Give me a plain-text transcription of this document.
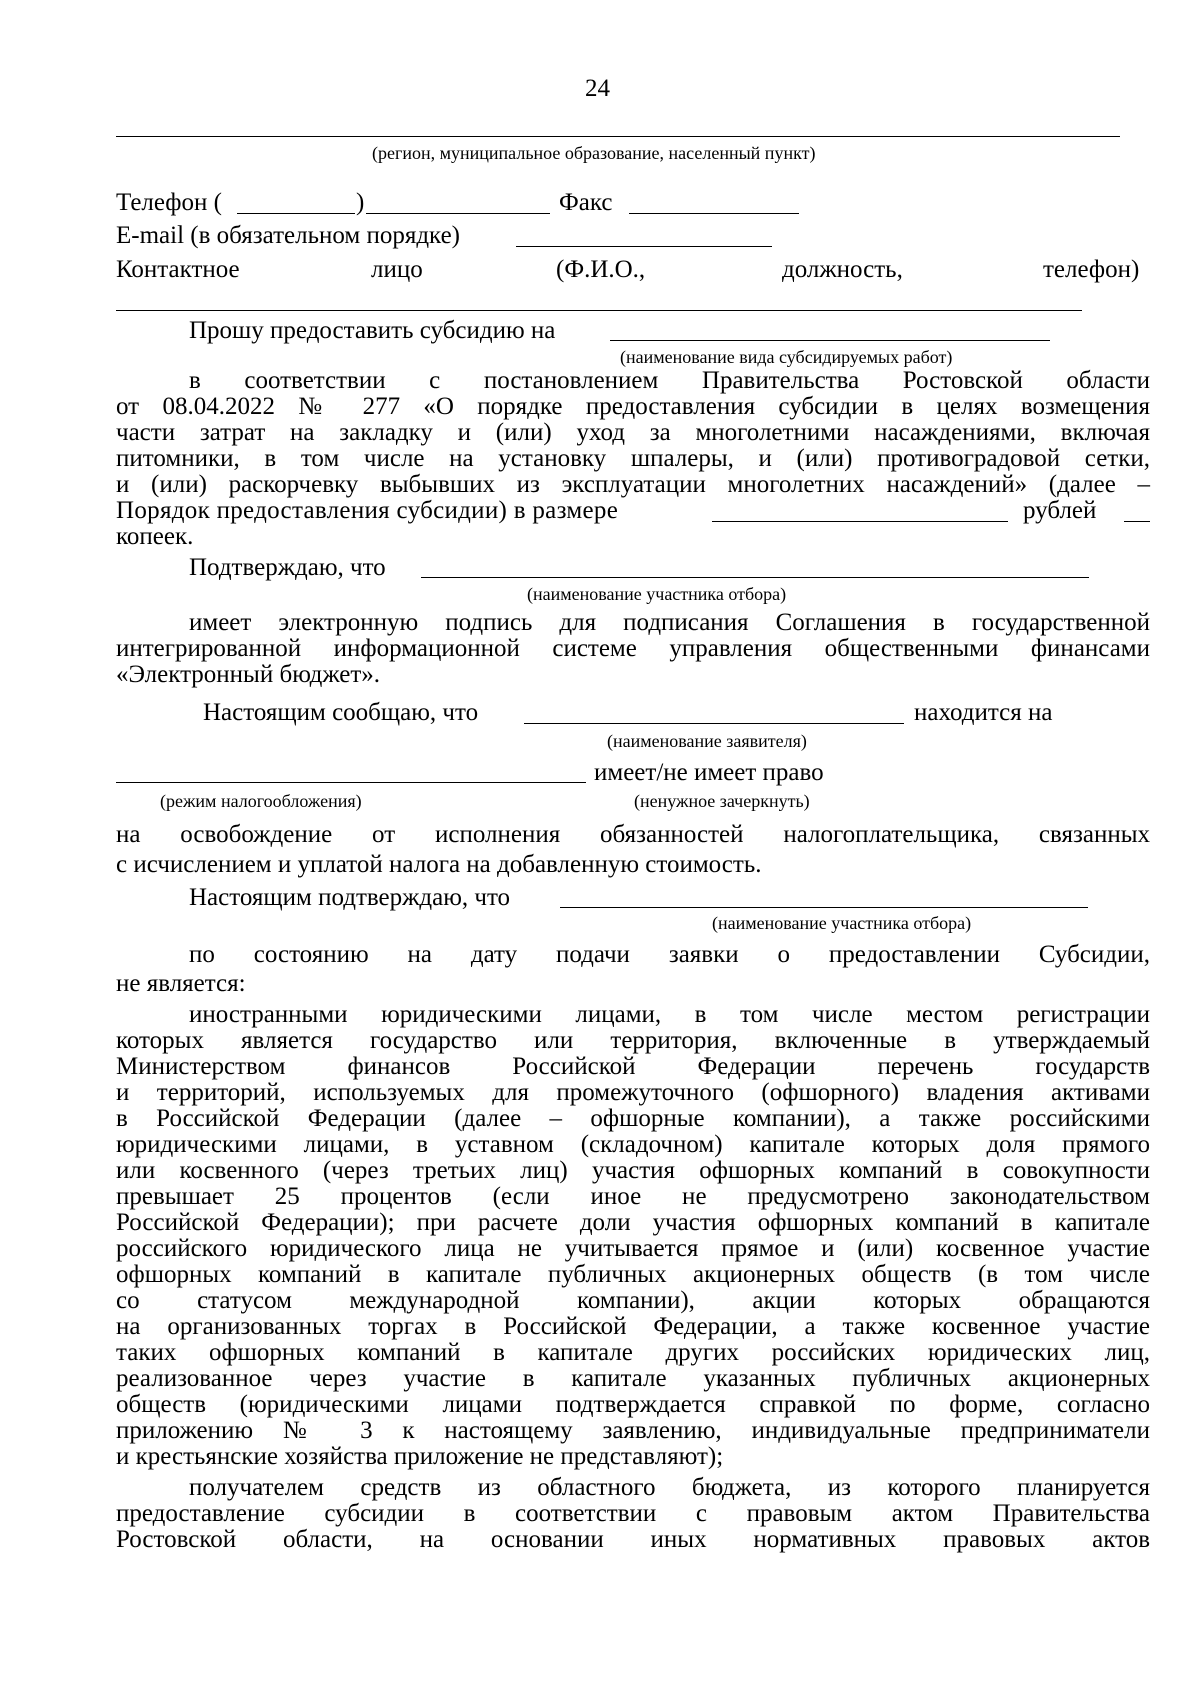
24
(регион, муниципальное образование, населенный пункт)
Телефон (	)	Факс
E-mail (в обязательном порядке)
Контактное	лицо	(Ф.И.О.,	должность,	телефон)
Прошу предоставить субсидию на
(наименование вида субсидируемых работ)
в соответствии с постановлением Правительства Ростовской области
от 08.04.2022 № 277 «О порядке предоставления субсидии в целях возмещения
части затрат на закладку и (или) уход за многолетними насаждениями, включая
питомники, в том числе на установку шпалеры, и (или) противоградовой сетки,
и (или) раскорчевку выбывших из эксплуатации многолетних насаждений» (далее –
Порядок предоставления субсидии) в размере	рублей
копеек.
Подтверждаю, что
(наименование участника отбора)
имеет электронную подпись для подписания Соглашения в государственной
интегрированной информационной системе управления общественными финансами
«Электронный бюджет».
Настоящим сообщаю, что	находится на
(наименование заявителя)
имеет/не имеет право
(режим налогообложения)	(ненужное зачеркнуть)
на освобождение от исполнения обязанностей налогоплательщика, связанных
с исчислением и уплатой налога на добавленную стоимость.
Настоящим подтверждаю, что
(наименование участника отбора)
по состоянию на дату подачи заявки о предоставлении Субсидии,
не является:
иностранными юридическими лицами, в том числе местом регистрации
которых является государство или территория, включенные в утверждаемый
Министерством финансов Российской Федерации перечень государств
и территорий, используемых для промежуточного (офшорного) владения активами
в Российской Федерации (далее – офшорные компании), а также российскими
юридическими лицами, в уставном (складочном) капитале которых доля прямого
или косвенного (через третьих лиц) участия офшорных компаний в совокупности
превышает 25 процентов (если иное не предусмотрено законодательством
Российской Федерации); при расчете доли участия офшорных компаний в капитале
российского юридического лица не учитывается прямое и (или) косвенное участие
офшорных компаний в капитале публичных акционерных обществ (в том числе
со статусом международной компании), акции которых обращаются
на организованных торгах в Российской Федерации, а также косвенное участие
таких офшорных компаний в капитале других российских юридических лиц,
реализованное через участие в капитале указанных публичных акционерных
обществ (юридическими лицами подтверждается справкой по форме, согласно
приложению № 3 к настоящему заявлению, индивидуальные предприниматели
и крестьянские хозяйства приложение не представляют);
получателем средств из областного бюджета, из которого планируется
предоставление субсидии в соответствии с правовым актом Правительства
Ростовской области, на основании иных нормативных правовых актов
